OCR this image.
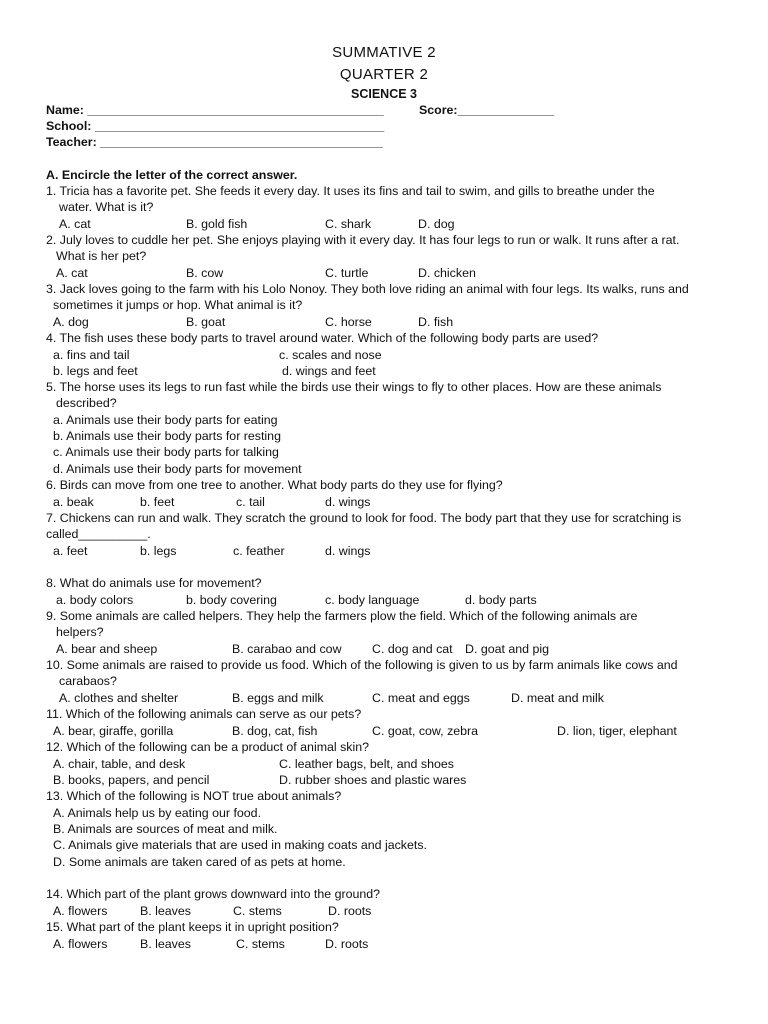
SUMMATIVE 2
QUARTER 2
SCIENCE 3
Name: ___________________________________________	Score:______________
School: __________________________________________
Teacher: _________________________________________
A. Encircle the letter of the correct answer.
1. Tricia has a favorite pet. She feeds it every day. It uses its fins and tail to swim, and gills to breathe under the
water. What is it?
A. cat	B. gold fish	C. shark	D. dog
2. July loves to cuddle her pet. She enjoys playing with it every day. It has four legs to run or walk. It runs after a rat.
What is her pet?
A. cat	B. cow	C. turtle	D. chicken
3. Jack loves going to the farm with his Lolo Nonoy. They both love riding an animal with four legs. Its walks, runs and
sometimes it jumps or hop. What animal is it?
A. dog	B. goat	C. horse	D. fish
4. The fish uses these body parts to travel around water. Which of the following body parts are used?
a. fins and tail	c. scales and nose
b. legs and feet	d. wings and feet
5. The horse uses its legs to run fast while the birds use their wings to fly to other places. How are these animals
described?
a. Animals use their body parts for eating
b. Animals use their body parts for resting
c. Animals use their body parts for talking
d. Animals use their body parts for movement
6. Birds can move from one tree to another. What body parts do they use for flying?
a. beak	b. feet	c. tail	d. wings
7. Chickens can run and walk. They scratch the ground to look for food. The body part that they use for scratching is
called__________.
a. feet	b. legs	c. feather	d. wings
8. What do animals use for movement?
a. body colors	b. body covering	c. body language	d. body parts
9. Some animals are called helpers. They help the farmers plow the field. Which of the following animals are
helpers?
A. bear and sheep	B. carabao and cow C. dog and cat D. goat and pig
10. Some animals are raised to provide us food. Which of the following is given to us by farm animals like cows and
carabaos?
A. clothes and shelter	B. eggs and milk	C. meat and eggs	D. meat and milk
11. Which of the following animals can serve as our pets?
A. bear, giraffe, gorilla	B. dog, cat, fish	C. goat, cow, zebra	D. lion, tiger, elephant
12. Which of the following can be a product of animal skin?
A. chair, table, and desk	C. leather bags, belt, and shoes
B. books, papers, and pencil	D. rubber shoes and plastic wares
13. Which of the following is NOT true about animals?
A. Animals help us by eating our food.
B. Animals are sources of meat and milk.
C. Animals give materials that are used in making coats and jackets.
D. Some animals are taken cared of as pets at home.
14. Which part of the plant grows downward into the ground?
A. flowers	B. leaves	C. stems	D. roots
15. What part of the plant keeps it in upright position?
A. flowers	B. leaves	C. stems	D. roots
